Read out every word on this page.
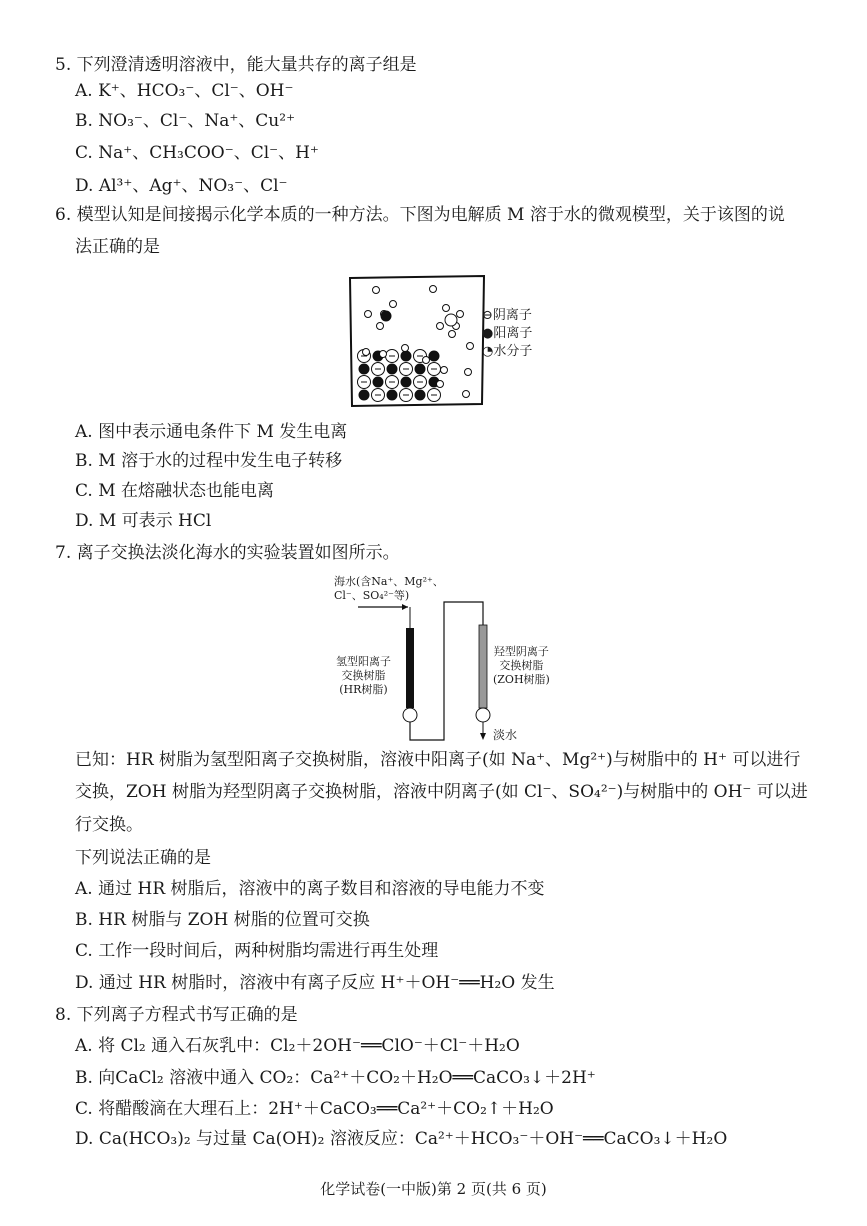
5. 下列澄清透明溶液中，能大量共存的离子组是
A. K⁺、HCO₃⁻、Cl⁻、OH⁻
B. NO₃⁻、Cl⁻、Na⁺、Cu²⁺
C. Na⁺、CH₃COO⁻、Cl⁻、H⁺
D. Al³⁺、Ag⁺、NO₃⁻、Cl⁻
6. 模型认知是间接揭示化学本质的一种方法。下图为电解质 M 溶于水的微观模型，关于该图的说
法正确的是
⊖阴离子
●阳离子
◔水分子
A. 图中表示通电条件下 M 发生电离
B. M 溶于水的过程中发生电子转移
C. M 在熔融状态也能电离
D. M 可表示 HCl
7. 离子交换法淡化海水的实验装置如图所示。
海水(含Na⁺、Mg²⁺、
Cl⁻、SO₄²⁻等)
氢型阳离子
交换树脂
(HR树脂)
羟型阴离子
交换树脂
(ZOH树脂)
淡水
已知：HR 树脂为氢型阳离子交换树脂，溶液中阳离子(如 Na⁺、Mg²⁺)与树脂中的 H⁺ 可以进行
交换，ZOH 树脂为羟型阴离子交换树脂，溶液中阴离子(如 Cl⁻、SO₄²⁻)与树脂中的 OH⁻ 可以进
行交换。
下列说法正确的是
A. 通过 HR 树脂后，溶液中的离子数目和溶液的导电能力不变
B. HR 树脂与 ZOH 树脂的位置可交换
C. 工作一段时间后，两种树脂均需进行再生处理
D. 通过 HR 树脂时，溶液中有离子反应 H⁺＋OH⁻══H₂O 发生
8. 下列离子方程式书写正确的是
A. 将 Cl₂ 通入石灰乳中：Cl₂＋2OH⁻══ClO⁻＋Cl⁻＋H₂O
B. 向CaCl₂ 溶液中通入 CO₂：Ca²⁺＋CO₂＋H₂O══CaCO₃↓＋2H⁺
C. 将醋酸滴在大理石上：2H⁺＋CaCO₃══Ca²⁺＋CO₂↑＋H₂O
D. Ca(HCO₃)₂ 与过量 Ca(OH)₂ 溶液反应：Ca²⁺＋HCO₃⁻＋OH⁻══CaCO₃↓＋H₂O
化学试卷(一中版)第 2 页(共 6 页)
